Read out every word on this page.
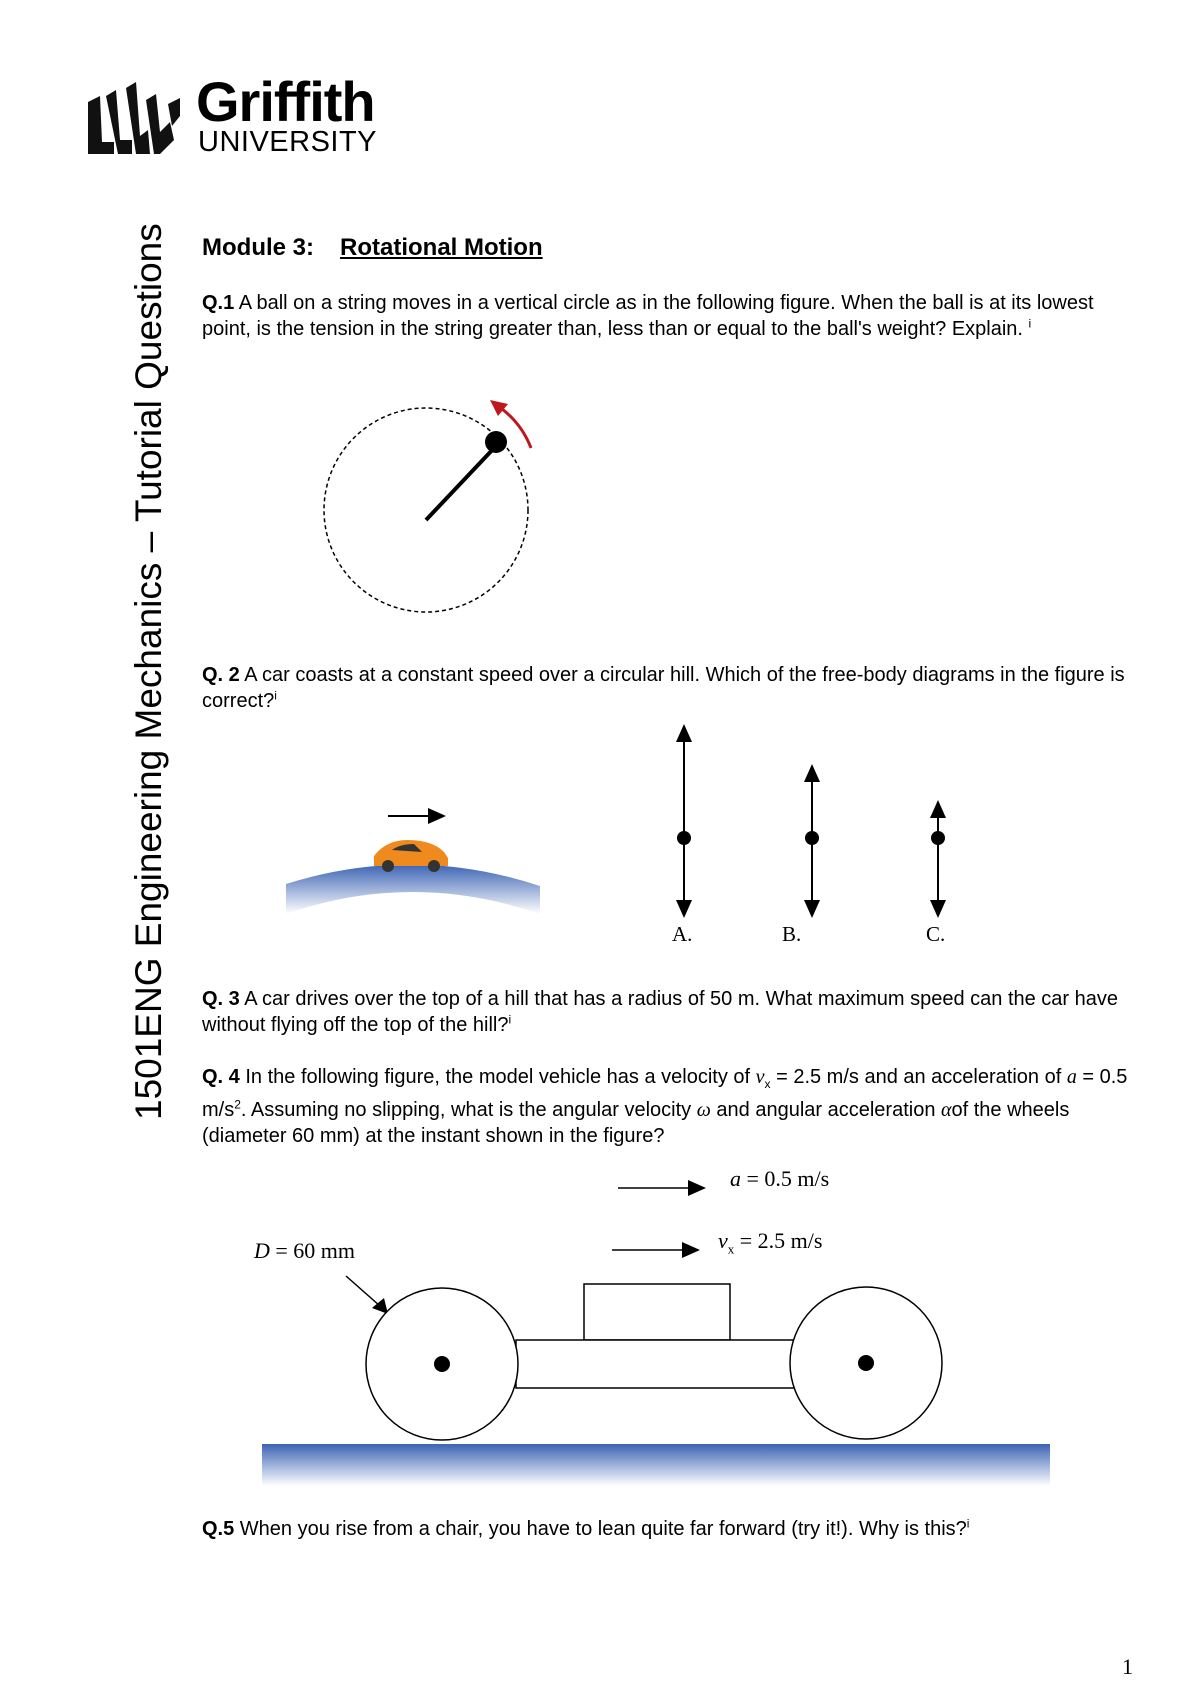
Griffith
UNIVERSITY
1501ENG Engineering Mechanics – Tutorial Questions Module 3: Rotational Motion
Q.1 A ball on a string moves in a vertical circle as in the following figure. When the ball is at its lowest point, is the tension in the string greater than, less than or equal to the ball's weight? Explain. $^i$
Q. 2 A car coasts at a constant speed over a circular hill. Which of the free-body diagrams in the figure is correct?$^i$
A.	B.	C.
Q. 3 A car drives over the top of a hill that has a radius of 50 m. What maximum speed can the car have without flying off the top of the hill?$^i$
Q. 4 In the following figure, the model vehicle has a velocity of $v_x = 2.5$ m/s and an acceleration of a = 0.5 $m/s^2$. Assuming no slipping, what is the angular velocity ω and angular acceleration αof the wheels (diameter 60 mm) at the instant shown in the figure?
a = 0.5 m/s
$v_x = 2.5$ m/s
D = 60 mm
Q.5 When you rise from a chair, you have to lean quite far forward (try it!). Why is this?$^i$
1
